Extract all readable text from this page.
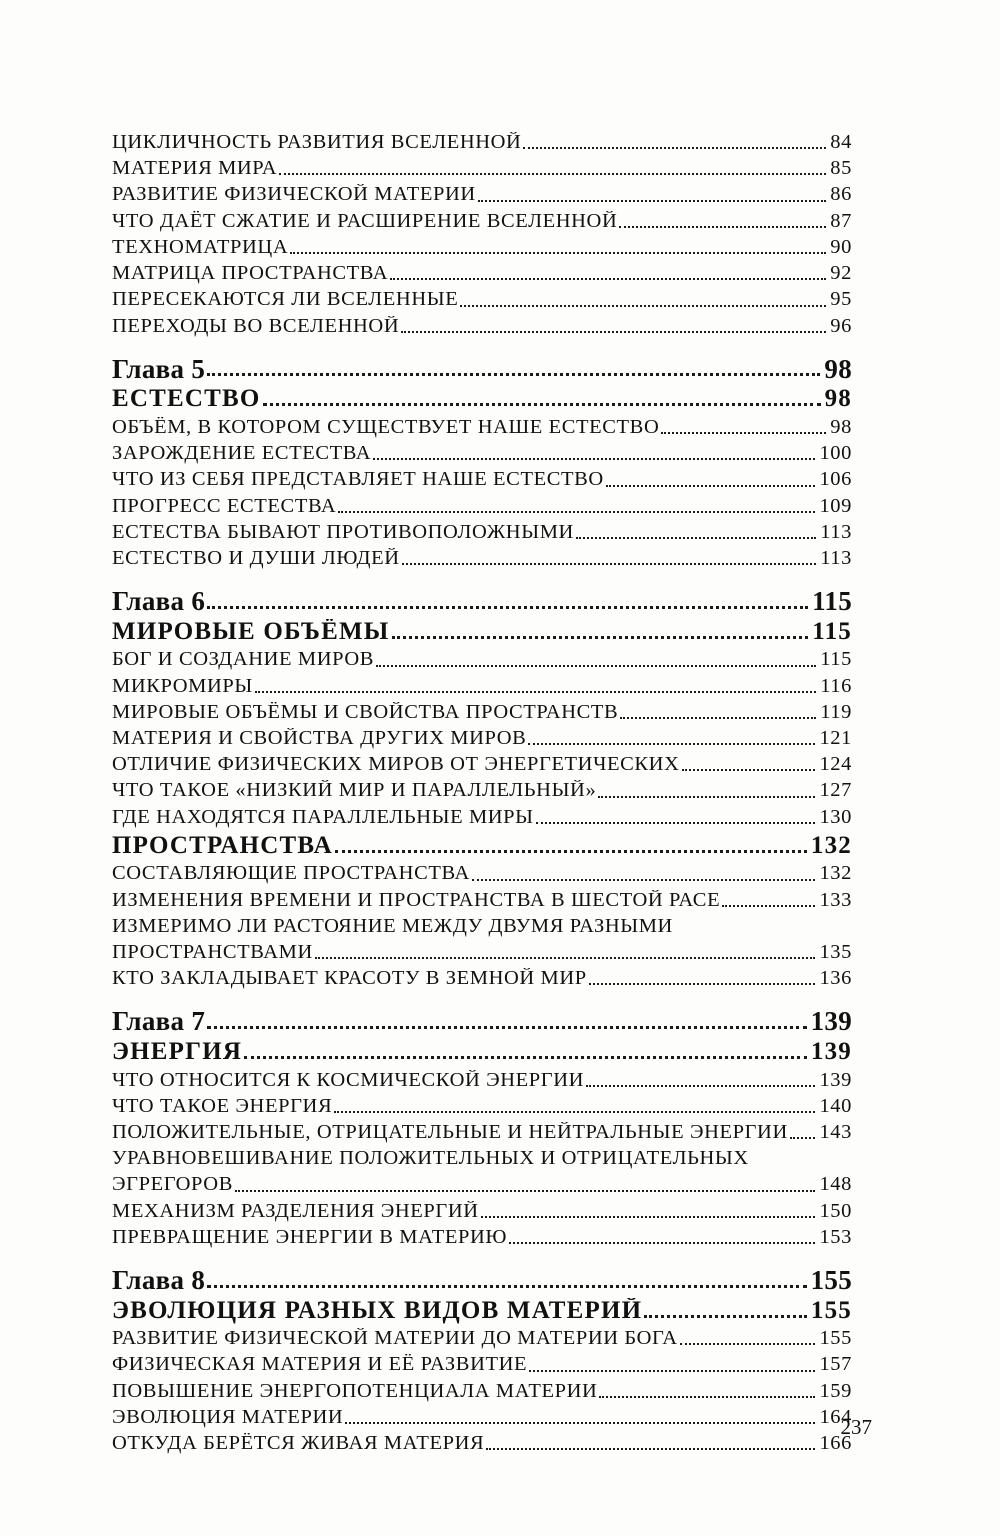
ЦИКЛИЧНОСТЬ РАЗВИТИЯ ВСЕЛЕННОЙ	84
МАТЕРИЯ МИРА	85
РАЗВИТИЕ ФИЗИЧЕСКОЙ МАТЕРИИ	86
ЧТО ДАЁТ СЖАТИЕ И РАСШИРЕНИЕ ВСЕЛЕННОЙ	87
ТЕХНОМАТРИЦА	90
МАТРИЦА ПРОСТРАНСТВА	92
ПЕРЕСЕКАЮТСЯ ЛИ ВСЕЛЕННЫЕ	95
ПЕРЕХОДЫ ВО ВСЕЛЕННОЙ	96
Глава 5	98
ЕСТЕСТВО	98
ОБЪЁМ, В КОТОРОМ СУЩЕСТВУЕТ НАШЕ ЕСТЕСТВО	98
ЗАРОЖДЕНИЕ ЕСТЕСТВА	100
ЧТО ИЗ СЕБЯ ПРЕДСТАВЛЯЕТ НАШЕ ЕСТЕСТВО	106
ПРОГРЕСС ЕСТЕСТВА	109
ЕСТЕСТВА БЫВАЮТ ПРОТИВОПОЛОЖНЫМИ	113
ЕСТЕСТВО И ДУШИ ЛЮДЕЙ	113
Глава 6	115
МИРОВЫЕ ОБЪЁМЫ	115
БОГ И СОЗДАНИЕ МИРОВ	115
МИКРОМИРЫ	116
МИРОВЫЕ ОБЪЁМЫ И СВОЙСТВА ПРОСТРАНСТВ	119
МАТЕРИЯ И СВОЙСТВА ДРУГИХ МИРОВ	121
ОТЛИЧИЕ ФИЗИЧЕСКИХ МИРОВ ОТ ЭНЕРГЕТИЧЕСКИХ	124
ЧТО ТАКОЕ «НИЗКИЙ МИР И ПАРАЛЛЕЛЬНЫЙ»	127
ГДЕ НАХОДЯТСЯ ПАРАЛЛЕЛЬНЫЕ МИРЫ	130
ПРОСТРАНСТВА	132
СОСТАВЛЯЮЩИЕ ПРОСТРАНСТВА	132
ИЗМЕНЕНИЯ ВРЕМЕНИ И ПРОСТРАНСТВА В ШЕСТОЙ РАСЕ	133
ИЗМЕРИМО ЛИ РАСТОЯНИЕ МЕЖДУ ДВУМЯ РАЗНЫМИ
ПРОСТРАНСТВАМИ	135
КТО ЗАКЛАДЫВАЕТ КРАСОТУ В ЗЕМНОЙ МИР	136
Глава 7	139
ЭНЕРГИЯ	139
ЧТО ОТНОСИТСЯ К КОСМИЧЕСКОЙ ЭНЕРГИИ	139
ЧТО ТАКОЕ ЭНЕРГИЯ	140
ПОЛОЖИТЕЛЬНЫЕ, ОТРИЦАТЕЛЬНЫЕ И НЕЙТРАЛЬНЫЕ ЭНЕРГИИ 143
УРАВНОВЕШИВАНИЕ ПОЛОЖИТЕЛЬНЫХ И ОТРИЦАТЕЛЬНЫХ
ЭГРЕГОРОВ	148
МЕХАНИЗМ РАЗДЕЛЕНИЯ ЭНЕРГИЙ	150
ПРЕВРАЩЕНИЕ ЭНЕРГИИ В МАТЕРИЮ	153
Глава 8	155
ЭВОЛЮЦИЯ РАЗНЫХ ВИДОВ МАТЕРИЙ	155
РАЗВИТИЕ ФИЗИЧЕСКОЙ МАТЕРИИ ДО МАТЕРИИ БОГА	155
ФИЗИЧЕСКАЯ МАТЕРИЯ И ЕЁ РАЗВИТИЕ	157
ПОВЫШЕНИЕ ЭНЕРГОПОТЕНЦИАЛА МАТЕРИИ	159
ЭВОЛЮЦИЯ МАТЕРИИ	164
ОТКУДА БЕРЁТСЯ ЖИВАЯ МАТЕРИЯ	166
237
